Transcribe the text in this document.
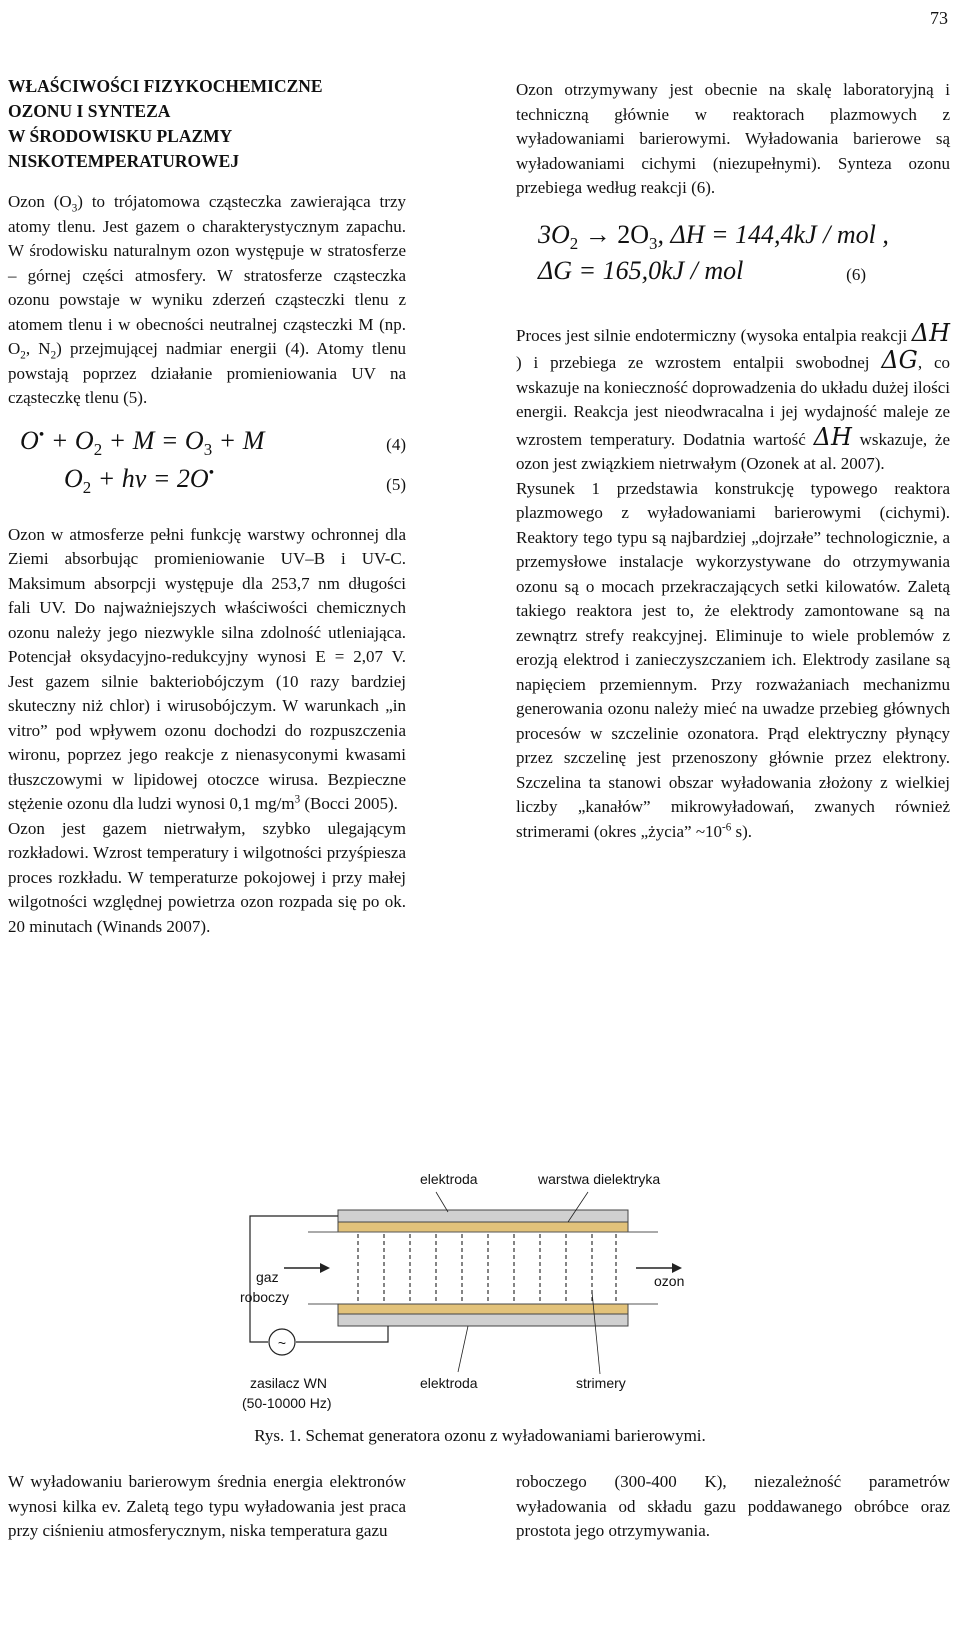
73
WŁAŚCIWOŚCI FIZYKOCHEMICZNE
OZONU I SYNTEZA
W ŚRODOWISKU PLAZMY
NISKOTEMPERATUROWEJ

Ozon $(O_3)$ to trójatomowa cząsteczka zawierająca trzy atomy tlenu. Jest gazem o charakterystycznym zapachu. W środowisku naturalnym ozon występuje w stratosferze – górnej części atmosfery. W stratosferze cząsteczka ozonu powstaje w wyniku zderzeń cząsteczki tlenu z atomem tlenu i w obecności neutralnej cząsteczki M (np. $O_2$, $N_2$) przejmującej nadmiar energii (4). Atomy tlenu powstają poprzez działanie promieniowania UV na cząsteczkę tlenu (5).

$O^• + O_2 + M = O_3 + M$	(4)
$O_2 + h\nu = 2O^•$
(5)

Ozon w atmosferze pełni funkcję warstwy ochronnej dla Ziemi absorbując promieniowanie UV–B i UV-C. Maksimum absorpcji występuje dla 253,7 nm długości fali UV. Do najważniejszych właściwości chemicznych ozonu należy jego niezwykle silna zdolność utleniająca. Potencjał oksydacyjno-redukcyjny wynosi E = 2,07 V. Jest gazem silnie bakteriobójczym (10 razy bardziej skuteczny niż chlor) i wirusobójczym. W warunkach „in vitro” pod wpływem ozonu dochodzi do rozpuszczenia wironu, poprzez jego reakcje z nienasyconymi kwasami tłuszczowymi w lipidowej otoczce wirusa. Bezpieczne stężenie ozonu dla ludzi wynosi 0,1 $mg/m^3$ (Bocci 2005).

Ozon jest gazem nietrwałym, szybko ulegającym rozkładowi. Wzrost temperatury i wilgotności przyśpiesza proces rozkładu. W temperaturze pokojowej i przy małej wilgotności względnej powietrza ozon rozpada się po ok. 20 minutach (Winands 2007).

Ozon otrzymywany jest obecnie na skalę laboratoryjną i techniczną głównie w reaktorach plazmowych z wyładowaniami barierowymi. Wyładowania barierowe są wyładowaniami cichymi (niezupełnymi). Synteza ozonu przebiega według reakcji (6).

$3O_2 \to 2O_3$, ΔH = 144,4kJ / mol ,
ΔG = 165,0kJ / mol	(6)

Proces jest silnie endotermiczny (wysoka entalpia reakcji ΔH ) i przebiega ze wzrostem entalpii swobodnej ΔG, co wskazuje na konieczność doprowadzenia do układu dużej ilości energii. Reakcja jest nieodwracalna i jej wydajność maleje ze wzrostem temperatury. Dodatnia wartość ΔH wskazuje, że ozon jest związkiem nietrwałym (Ozonek at al. 2007).

Rysunek 1 przedstawia konstrukcję typowego reaktora plazmowego z wyładowaniami barierowymi (cichymi). Reaktory tego typu są najbardziej „dojrzałe” technologicznie, a przemysłowe instalacje wykorzystywane do otrzymywania ozonu są o mocach przekraczających setki kilowatów. Zaletą takiego reaktora jest to, że elektrody zamontowane są na zewnątrz strefy reakcyjnej. Eliminuje to wiele problemów z erozją elektrod i zanieczyszczaniem ich. Elektrody zasilane są napięciem przemiennym. Przy rozważaniach mechanizmu generowania ozonu należy mieć na uwadze przebieg głównych procesów w szczelinie ozonatora. Prąd elektryczny płynący przez szczelinę jest przenoszony głównie przez elektrony. Szczelina ta stanowi obszar wyładowania złożony z wielkiej liczby „kanałów” mikrowyładowań, zwanych również strimerami (okres „życia” $\sim 10^{-6}$ s).

~
elektroda	warstwa dielektryka
gaz
roboczy
ozon
zasilacz WN
(50-10000 Hz)
elektroda	strimery
Rys. 1. Schemat generatora ozonu z wyładowaniami barierowymi.
W wyładowaniu barierowym średnia energia elektronów wynosi kilka ev. Zaletą tego typu wyładowania jest praca przy ciśnieniu atmosferycznym, niska temperatura gazu
roboczego (300-400 K), niezależność parametrów wyładowania od składu gazu poddawanego obróbce oraz prostota jego otrzymywania.
